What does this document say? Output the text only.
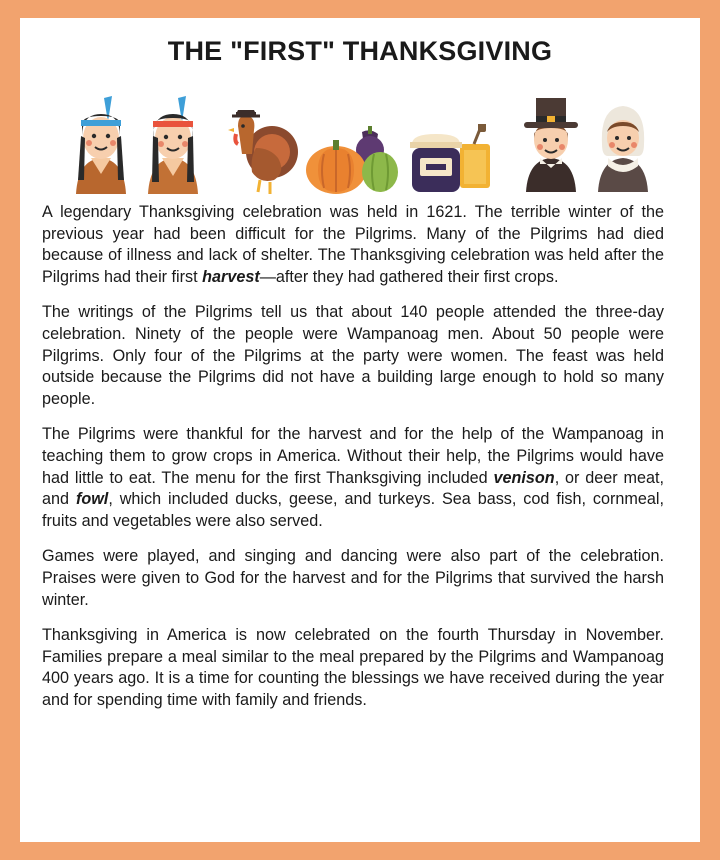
THE "FIRST" THANKSGIVING

A legendary Thanksgiving celebration was held in 1621. The terrible winter of the previous year had been difficult for the Pilgrims. Many of the Pilgrims had died because of illness and lack of shelter. The Thanksgiving celebration was held after the Pilgrims had their first harvest—after they had gathered their first crops.

The writings of the Pilgrims tell us that about 140 people attended the three-day celebration. Ninety of the people were Wampanoag men. About 50 people were Pilgrims. Only four of the Pilgrims at the party were women. The feast was held outside because the Pilgrims did not have a building large enough to hold so many people.

The Pilgrims were thankful for the harvest and for the help of the Wampanoag in teaching them to grow crops in America. Without their help, the Pilgrims would have had little to eat. The menu for the first Thanksgiving included venison, or deer meat, and fowl, which included ducks, geese, and turkeys. Sea bass, cod fish, cornmeal, fruits and vegetables were also served.

Games were played, and singing and dancing were also part of the celebration. Praises were given to God for the harvest and for the Pilgrims that survived the harsh winter.

Thanksgiving in America is now celebrated on the fourth Thursday in November. Families prepare a meal similar to the meal prepared by the Pilgrims and Wampanoag 400 years ago. It is a time for counting the blessings we have received during the year and for spending time with family and friends.
